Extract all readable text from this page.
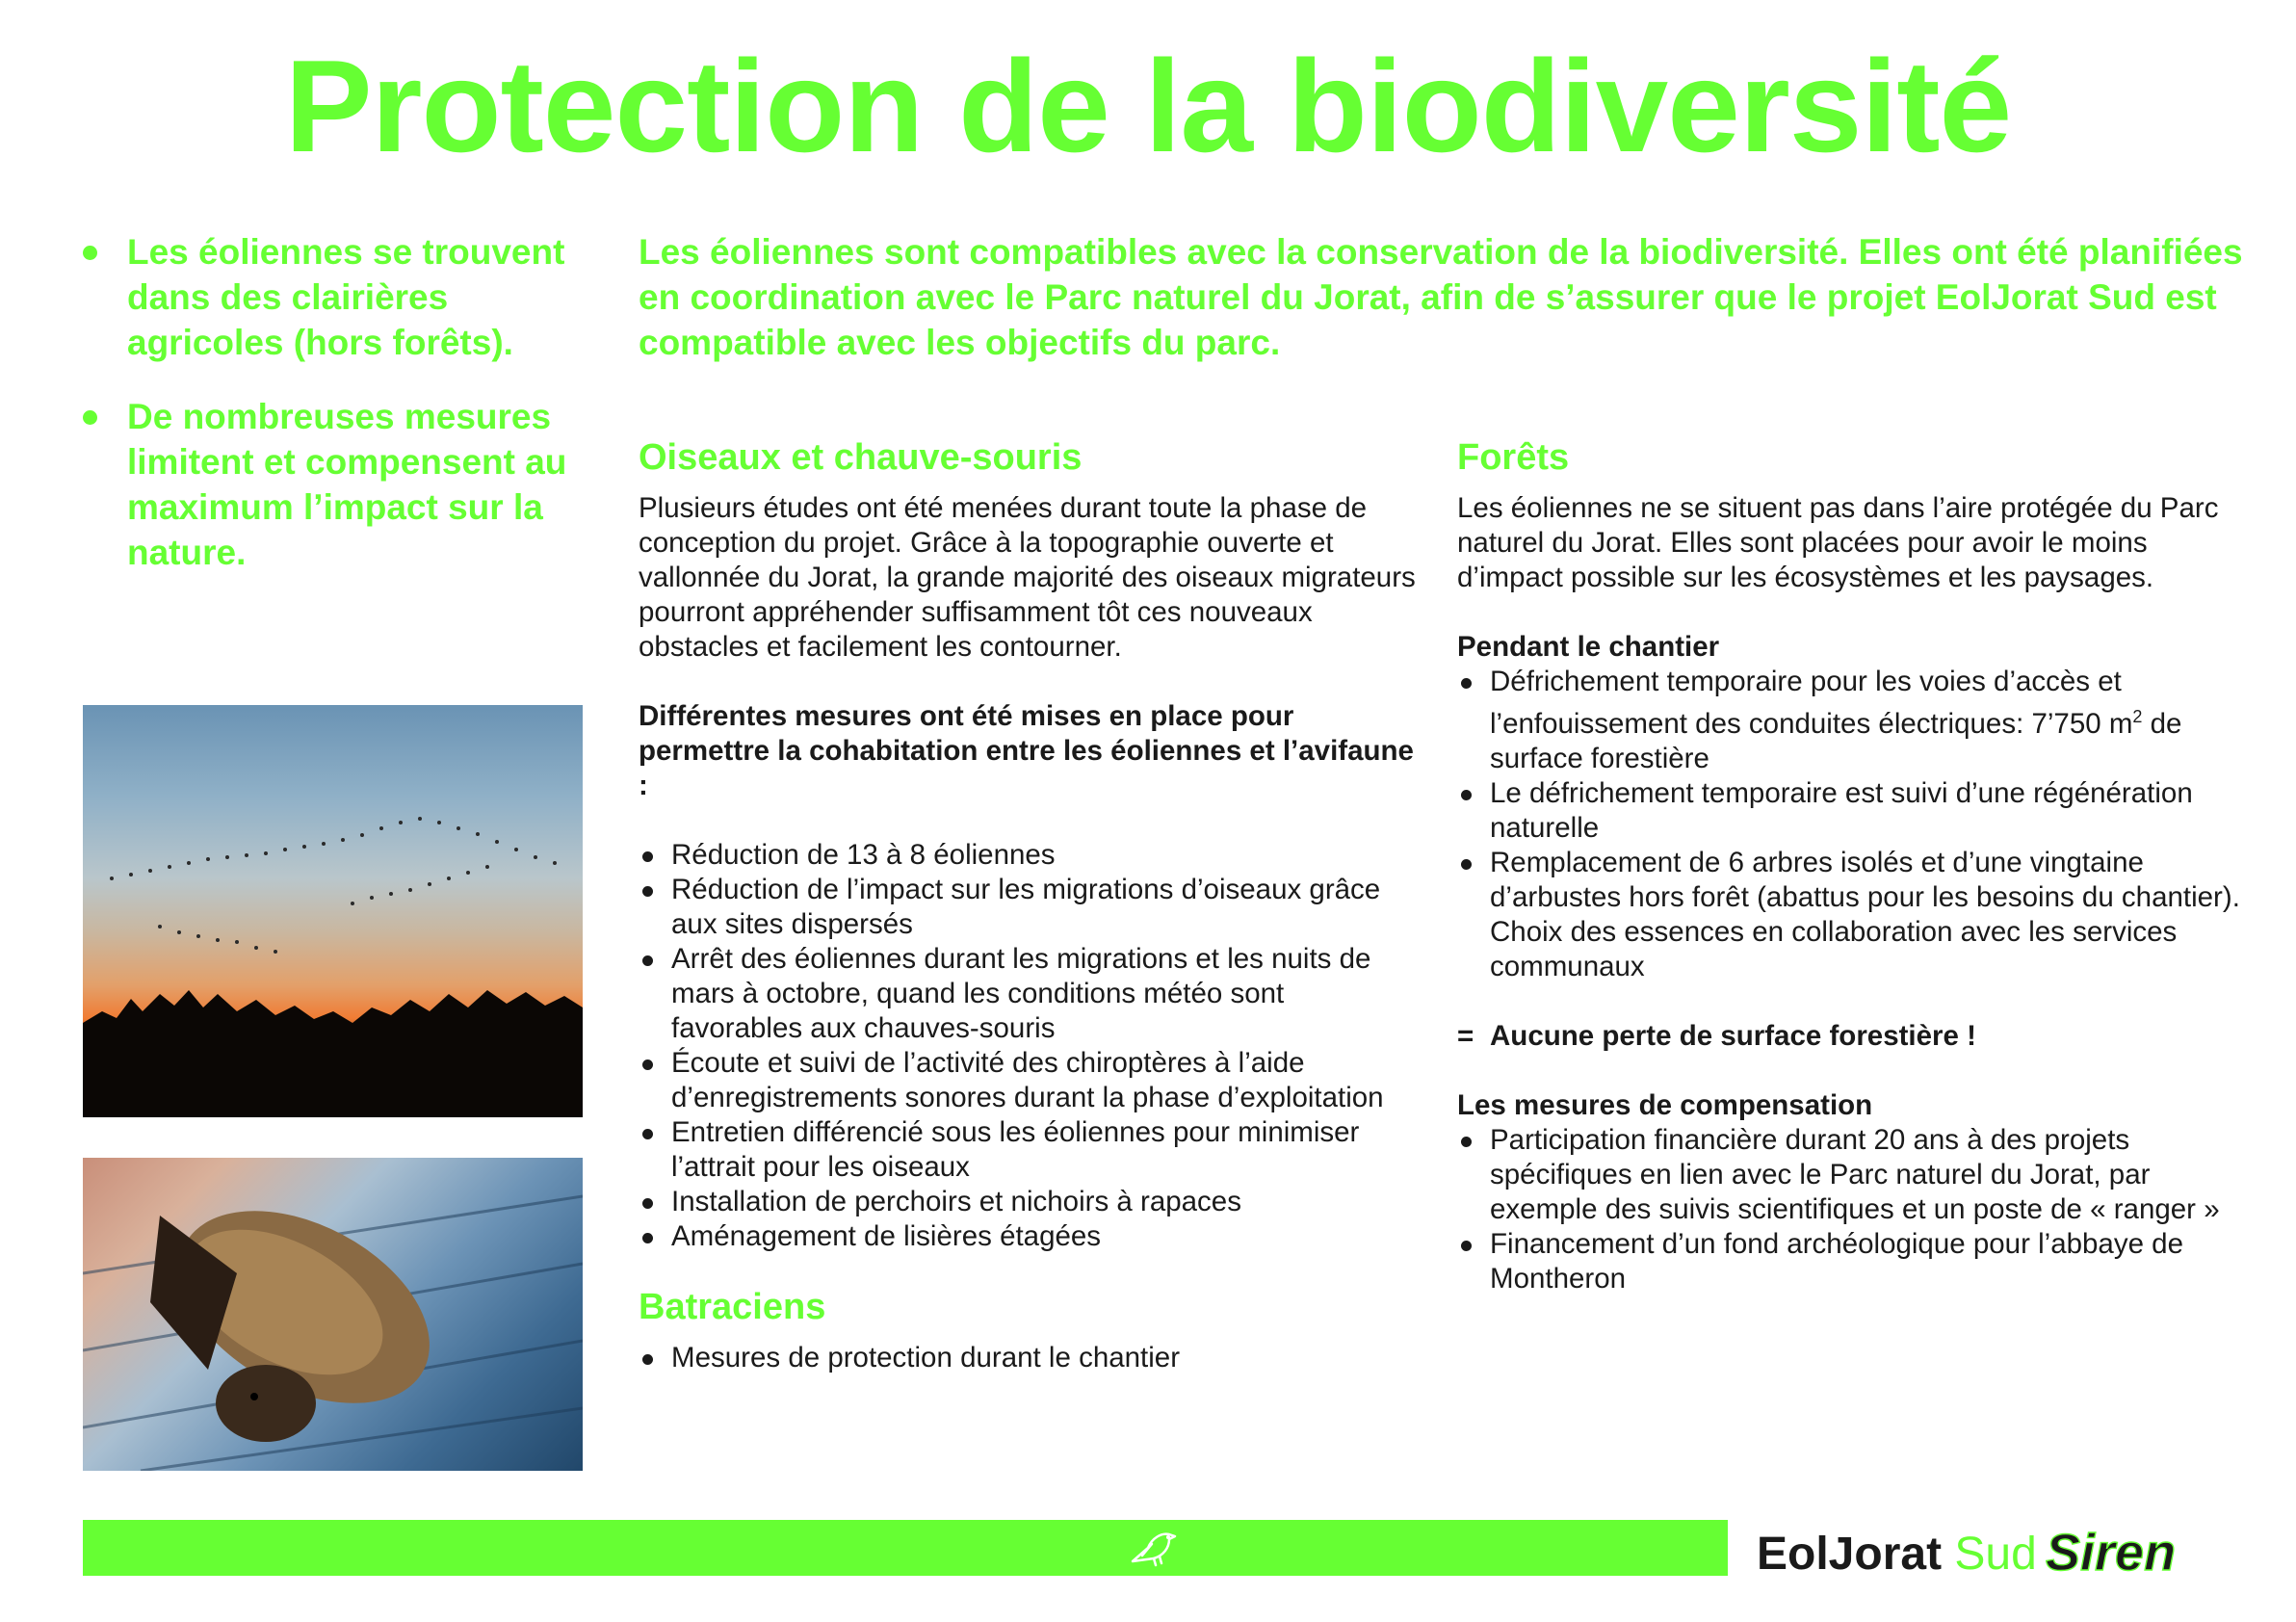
Protection de la biodiversité
Les éoliennes se trouvent dans des clairières agricoles (hors forêts).
De nombreuses mesures limitent et compensent au maximum l’impact sur la nature.

Les éoliennes sont compatibles avec la conservation de la biodiversité. Elles ont été planifiées en coordination avec le Parc naturel du Jorat, afin de s’assurer que le projet EolJorat Sud est compatible avec les objectifs du parc.

Oiseaux et chauve-souris

Plusieurs études ont été menées durant toute la phase de conception du projet. Grâce à la topographie ouverte et vallonnée du Jorat, la grande majorité des oiseaux migrateurs pourront appréhender suffisamment tôt ces nouveaux obstacles et facilement les contourner.

Différentes mesures ont été mises en place pour permettre la cohabitation entre les éoliennes et l’avifaune :

Réduction de 13 à 8 éoliennes
Réduction de l’impact sur les migrations d’oiseaux grâce aux sites dispersés
Arrêt des éoliennes durant les migrations et les nuits de mars à octobre, quand les conditions météo sont favorables aux chauves-souris
Écoute et suivi de l’activité des chiroptères à l’aide d’enregistrements sonores durant la phase d’exploitation
Entretien différencié sous les éoliennes pour minimiser l’attrait pour les oiseaux
Installation de perchoirs et nichoirs à rapaces
Aménagement de lisières étagées
Batraciens
Mesures de protection durant le chantier
Forêts

Les éoliennes ne se situent pas dans l’aire protégée du Parc naturel du Jorat. Elles sont placées pour avoir le moins d’impact possible sur les écosystèmes et les paysages.

Pendant le chantier

Défrichement temporaire pour les voies d’accès et l’enfouissement des conduites électriques: 7’750 $m^2$ de surface forestière
Le défrichement temporaire est suivi d’une régénération naturelle
Remplacement de 6 arbres isolés et d’une vingtaine d’arbustes hors forêt (abattus pour les besoins du chantier). Choix des essences en collaboration avec les services communaux
= Aucune perte de surface forestière !

Les mesures de compensation

Participation financière durant 20 ans à des projets spécifiques en lien avec le Parc naturel du Jorat, par exemple des suivis scientifiques et un poste de « ranger »
Financement d’un fond archéologique pour l’abbaye de Montheron
EolJorat Sud Siren
